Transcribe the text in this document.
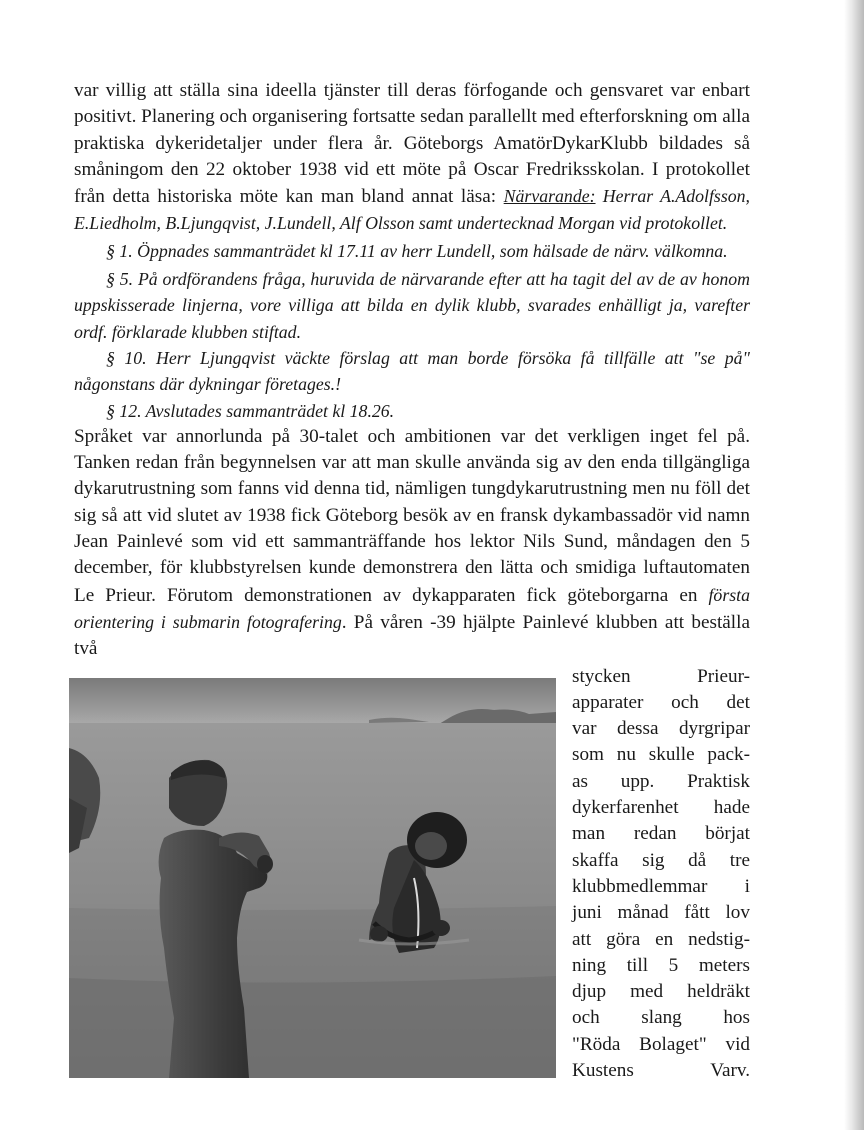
var villig att ställa sina ideella tjänster till deras förfogande och gensvaret var enbart positivt. Planering och organisering fortsatte sedan parallellt med efterforskning om alla praktiska dykeridetaljer under flera år. Göteborgs AmatörDykarKlubb bildades så småningom den 22 oktober 1938 vid ett möte på Oscar Fredriksskolan. I protokollet från detta historiska möte kan man bland annat läsa: Närvarande: Herrar A.Adolfsson, E.Liedholm, B.Ljungqvist, J.Lundell, Alf Olsson samt undertecknad Morgan vid protokollet.

§ 1. Öppnades sammanträdet kl 17.11 av herr Lundell, som hälsade de närv. välkomna.

§ 5. På ordförandens fråga, huruvida de närvarande efter att ha tagit del av de av honom uppskisserade linjerna, vore villiga att bilda en dylik klubb, svarades enhälligt ja, varefter ordf. förklarade klubben stiftad.

§ 10. Herr Ljungqvist väckte förslag att man borde försöka få tillfälle att "se på" någonstans där dykningar företages.!

§ 12. Avslutades sammanträdet kl 18.26.

Språket var annorlunda på 30-talet och ambitionen var det verkligen inget fel på. Tanken redan från begynnelsen var att man skulle använda sig av den enda tillgängliga dykarutrustning som fanns vid denna tid, nämligen tungdykarutrustning men nu föll det sig så att vid slutet av 1938 fick Göteborg besök av en fransk dykambassadör vid namn Jean Painlevé som vid ett sammanträffande hos lektor Nils Sund, måndagen den 5 december, för klubbstyrelsen kunde demonstrera den lätta och smidiga luftautomaten Le Prieur. Förutom demonstrationen av dykapparaten fick göteborgarna en första orientering i submarin fotografering. På våren -39 hjälpte Painlevé klubben att beställa två

stycken Prieur-
apparater och det
var dessa dyrgripar
som nu skulle pack-
as upp. Praktisk
dykerfarenhet hade
man redan börjat
skaffa sig då tre
klubbmedlemmar i
juni månad fått lov
att göra en nedstig-
ning till 5 meters
djup med heldräkt
och slang hos
"Röda Bolaget" vid
Kustens Varv.
